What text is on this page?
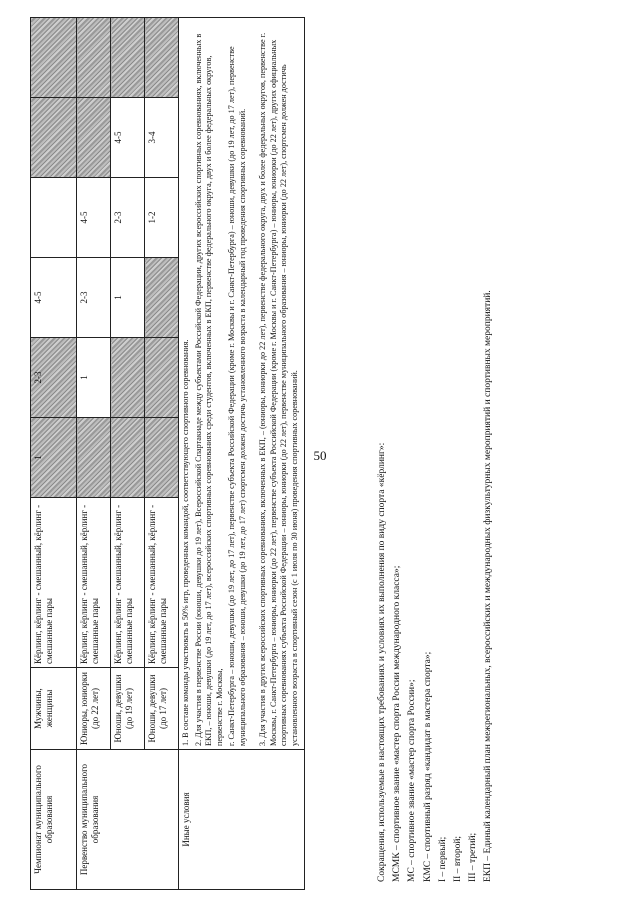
50
Чемпионат муниципального образования	Мужчины, женщины	Кёрлинг, кёрлинг - смешанный, кёрлинг - смешанные пары	1	2-3	4-5			
Первенство муниципального образования	Юниоры, юниорки (до 22 лет)	Кёрлинг, кёрлинг - смешанный, кёрлинг - смешанные пары		1	2-3	4-5		
	Юноши, девушки (до 19 лет)	Кёрлинг, кёрлинг - смешанный, кёрлинг - смешанные пары			1	2-3	4-5	
	Юноши, девушки (до 17 лет)	Кёрлинг, кёрлинг - смешанный, кёрлинг - смешанные пары				1-2	3-4	
Иные условия	1. В составе команды участвовать в 50% игр, проведенных командой, соответствующего спортивного соревнования. 2. Для участия в первенстве России (юноши, девушки до 19 лет), Всероссийской Спартакиаде между субъектами Российской Федерации, других всероссийских спортивных соревнованиях, включенных в ЕКП, – юноши, девушки (до 19 лет, до 17 лет), всероссийских спортивных соревнованиях среди студентов, включенных в ЕКП, первенстве федерального округа, двух и более федеральных округов, первенстве г. Москвы, г. Санкт-Петербурга – юноши, девушки (до 19 лет, до 17 лет), первенстве субъекта Российской Федерации (кроме г. Москвы и г. Санкт-Петербурга) – юноши, девушки (до 19 лет, до 17 лет), первенстве муниципального образования – юноши, девушки (до 19 лет, до 17 лет) спортсмен должен достичь установленного возраста в календарный год проведения спортивных соревнований. 3. Для участия в других всероссийских спортивных соревнованиях, включенных в ЕКП, – (юниоры, юниорки до 22 лет), первенстве федерального округа, двух и более федеральных округов, первенстве г. Москвы, г. Санкт-Петербурга – юниоры, юниорки (до 22 лет), первенстве субъекта Российской Федерации (кроме г. Москвы и г. Санкт-Петербурга) – юниоры, юниорки (до 22 лет), других официальных спортивных соревнованиях субъекта Российской Федерации – юниоры, юниорки (до 22 лет), первенстве муниципального образования – юниоры, юниорки (до 22 лет), спортсмен должен достичь установленного возраста в спортивный сезон (с 1 июля по 30 июня) проведения спортивных соревнований.								Сокращения, используемые в настоящих требованиях и условиях их выполнения по виду спорта «кёрлинг»: МСМК – спортивное звание «мастер спорта России международного класса»; МС – спортивное звание «мастер спорта России»; КМС – спортивный разряд «кандидат в мастера спорта»; I – первый; II – второй; III – третий; ЕКП – Единый календарный план межрегиональных, всероссийских и международных физкультурных мероприятий и спортивных мероприятий.
